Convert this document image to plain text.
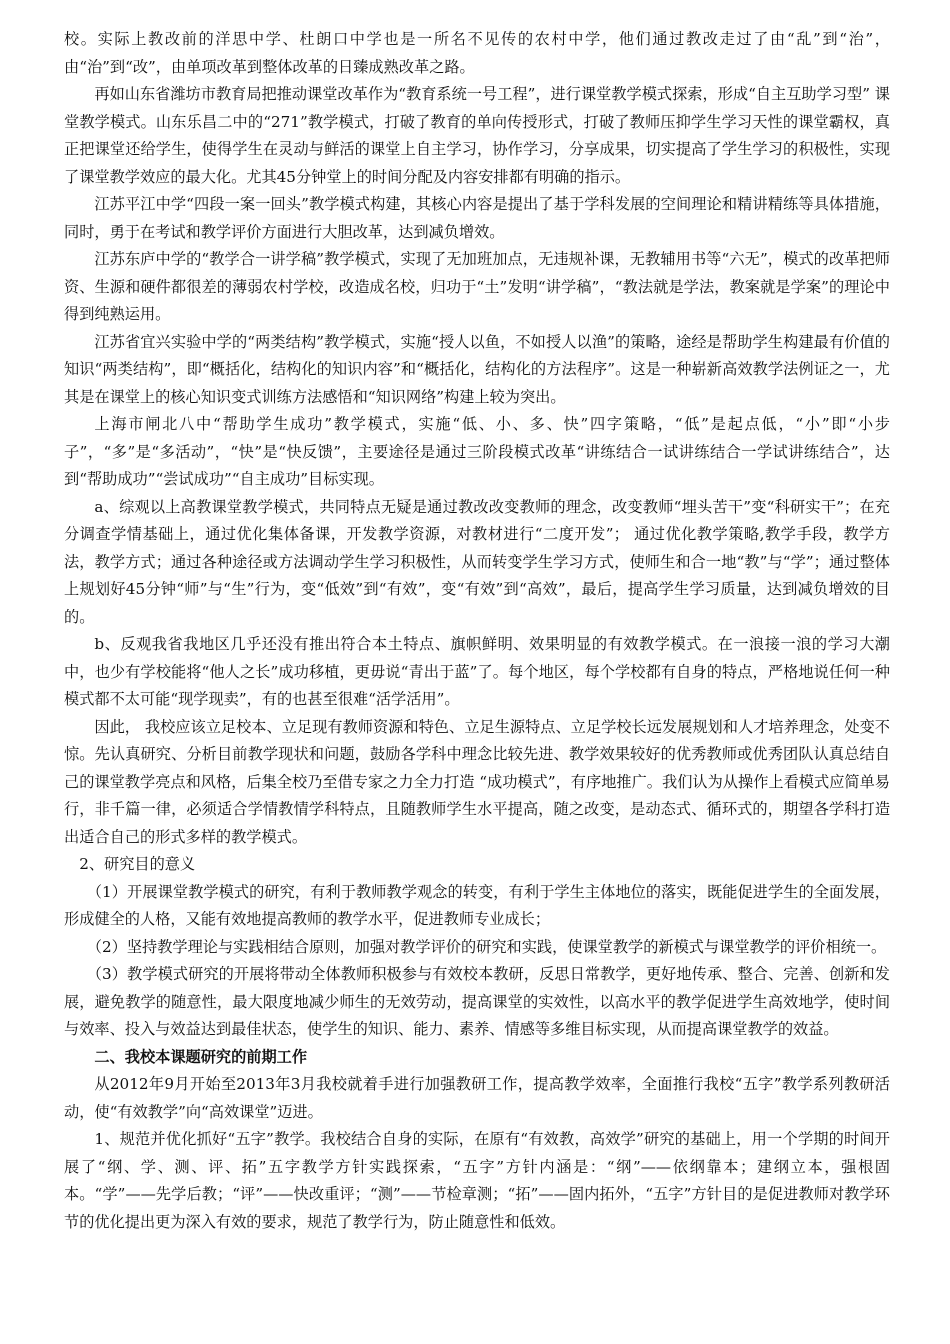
校。实际上教改前的洋思中学、杜朗口中学也是一所名不见传的农村中学，他们通过教改走过了由“乱”到“治”，由“治”到“改”，由单项改革到整体改革的日臻成熟改革之路。

再如山东省潍坊市教育局把推动课堂改革作为“教育系统一号工程”，进行课堂教学模式探索，形成“自主互助学习型” 课堂教学模式。山东乐昌二中的“271”教学模式，打破了教育的单向传授形式，打破了教师压抑学生学习天性的课堂霸权，真正把课堂还给学生，使得学生在灵动与鲜活的课堂上自主学习，协作学习，分享成果，切实提高了学生学习的积极性，实现了课堂教学效应的最大化。尤其45分钟堂上的时间分配及内容安排都有明确的指示。

江苏平江中学“四段一案一回头”教学模式构建，其核心内容是提出了基于学科发展的空间理论和精讲精练等具体措施，同时，勇于在考试和教学评价方面进行大胆改革，达到减负增效。

江苏东庐中学的“教学合一讲学稿”教学模式，实现了无加班加点，无违规补课，无教辅用书等“六无”，模式的改革把师资、生源和硬件都很差的薄弱农村学校，改造成名校，归功于“土”发明“讲学稿”，“教法就是学法，教案就是学案”的理论中得到纯熟运用。

江苏省宜兴实验中学的“两类结构”教学模式，实施“授人以鱼，不如授人以渔”的策略，途经是帮助学生构建最有价值的知识“两类结构”，即“概括化，结构化的知识内容”和“概括化，结构化的方法程序”。这是一种崭新高效教学法例证之一，尤其是在课堂上的核心知识变式训练方法感悟和“知识网络”构建上较为突出。

上海市闸北八中“帮助学生成功”教学模式，实施“低、小、多、快”四字策略，“低”是起点低，“小”即“小步子”，“多”是“多活动”，“快”是“快反馈”，主要途径是通过三阶段模式改革“讲练结合一试讲练结合一学试讲练结合”，达到“帮助成功”“尝试成功”“自主成功”目标实现。

a、综观以上高教课堂教学模式，共同特点无疑是通过教改改变教师的理念，改变教师“埋头苦干”变“科研实干”；在充分调查学情基础上，通过优化集体备课，开发教学资源，对教材进行“二度开发”； 通过优化教学策略,教学手段，教学方法，教学方式；通过各种途径或方法调动学生学习积极性，从而转变学生学习方式，使师生和合一地“教”与“学”；通过整体上规划好45分钟“师”与“生”行为，变“低效”到“有效”，变“有效”到“高效”，最后，提高学生学习质量，达到减负增效的目的。

b、反观我省我地区几乎还没有推出符合本土特点、旗帜鲜明、效果明显的有效教学模式。在一浪接一浪的学习大潮中，也少有学校能将“他人之长”成功移植，更毋说“青出于蓝”了。每个地区，每个学校都有自身的特点，严格地说任何一种模式都不太可能“现学现卖”，有的也甚至很难“活学活用”。

因此， 我校应该立足校本、立足现有教师资源和特色、立足生源特点、立足学校长远发展规划和人才培养理念，处变不惊。先认真研究、分析目前教学现状和问题，鼓励各学科中理念比较先进、教学效果较好的优秀教师或优秀团队认真总结自己的课堂教学亮点和风格，后集全校乃至借专家之力全力打造 “成功模式”，有序地推广。我们认为从操作上看模式应简单易行，非千篇一律，必须适合学情教情学科特点，且随教师学生水平提高，随之改变，是动态式、循环式的，期望各学科打造出适合自己的形式多样的教学模式。

2、研究目的意义

（1）开展课堂教学模式的研究，有利于教师教学观念的转变，有利于学生主体地位的落实，既能促进学生的全面发展，形成健全的人格，又能有效地提高教师的教学水平，促进教师专业成长；

（2）坚持教学理论与实践相结合原则，加强对教学评价的研究和实践，使课堂教学的新模式与课堂教学的评价相统一。

（3）教学模式研究的开展将带动全体教师积极参与有效校本教研，反思日常教学，更好地传承、整合、完善、创新和发展，避免教学的随意性，最大限度地减少师生的无效劳动，提高课堂的实效性，以高水平的教学促进学生高效地学，使时间与效率、投入与效益达到最佳状态，使学生的知识、能力、素养、情感等多维目标实现，从而提高课堂教学的效益。

二、我校本课题研究的前期工作

从2012年9月开始至2013年3月我校就着手进行加强教研工作，提高教学效率，全面推行我校“五字”教学系列教研活动，使“有效教学”向“高效课堂”迈进。

1、规范并优化抓好“五字”教学。我校结合自身的实际，在原有“有效教，高效学”研究的基础上，用一个学期的时间开展了“纲、学、测、评、拓”五字教学方针实践探索，“五字”方针内涵是：“纲”——依纲靠本；建纲立本，强根固本。“学”——先学后教；“评”——快改重评；“测”——节检章测；“拓”——固内拓外，“五字”方针目的是促进教师对教学环节的优化提出更为深入有效的要求，规范了教学行为，防止随意性和低效。
